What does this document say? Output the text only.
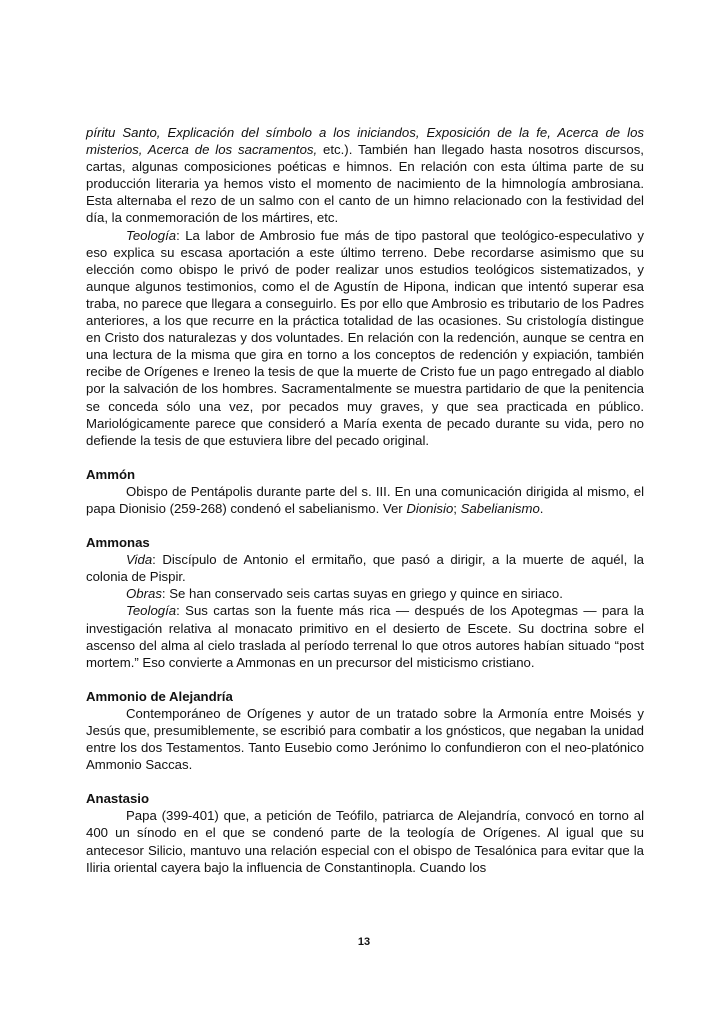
píritu Santo, Explicación del símbolo a los iniciandos, Exposición de la fe, Acerca de los misterios, Acerca de los sacramentos, etc.). También han llegado hasta nosotros discursos, cartas, algunas composiciones poéticas e himnos. En relación con esta última parte de su producción literaria ya hemos visto el momento de nacimiento de la himnología ambrosiana. Esta alternaba el rezo de un salmo con el canto de un himno relacionado con la festividad del día, la conmemoración de los mártires, etc.

Teología: La labor de Ambrosio fue más de tipo pastoral que teológico-especulativo y eso explica su escasa aportación a este último terreno. Debe recordarse asimismo que su elección como obispo le privó de poder realizar unos estudios teológicos sistematizados, y aunque algunos testimonios, como el de Agustín de Hipona, indican que intentó superar esa traba, no parece que llegara a conseguirlo. Es por ello que Ambrosio es tributario de los Padres anteriores, a los que recurre en la práctica totalidad de las ocasiones. Su cristología distingue en Cristo dos naturalezas y dos voluntades. En relación con la redención, aunque se centra en una lectura de la misma que gira en torno a los conceptos de redención y expiación, también recibe de Orígenes e Ireneo la tesis de que la muerte de Cristo fue un pago entregado al diablo por la salvación de los hombres. Sacramentalmente se muestra partidario de que la penitencia se conceda sólo una vez, por pecados muy graves, y que sea practicada en público. Mariológicamente parece que consideró a María exenta de pecado durante su vida, pero no defiende la tesis de que estuviera libre del pecado original.

Ammón

Obispo de Pentápolis durante parte del s. III. En una comunicación dirigida al mismo, el papa Dionisio (259-268) condenó el sabelianismo. Ver Dionisio; Sabelianismo.

Ammonas

Vida: Discípulo de Antonio el ermitaño, que pasó a dirigir, a la muerte de aquél, la colonia de Pispir.

Obras: Se han conservado seis cartas suyas en griego y quince en siriaco.

Teología: Sus cartas son la fuente más rica — después de los Apotegmas — para la investigación relativa al monacato primitivo en el desierto de Escete. Su doctrina sobre el ascenso del alma al cielo traslada al período terrenal lo que otros autores habían situado “post mortem.” Eso convierte a Ammonas en un precursor del misticismo cristiano.

Ammonio de Alejandría

Contemporáneo de Orígenes y autor de un tratado sobre la Armonía entre Moisés y Jesús que, presumiblemente, se escribió para combatir a los gnósticos, que negaban la unidad entre los dos Testamentos. Tanto Eusebio como Jerónimo lo confundieron con el neo-platónico Ammonio Saccas.

Anastasio

Papa (399-401) que, a petición de Teófilo, patriarca de Alejandría, convocó en torno al 400 un sínodo en el que se condenó parte de la teología de Orígenes. Al igual que su antecesor Silicio, mantuvo una relación especial con el obispo de Tesalónica para evitar que la Iliria oriental cayera bajo la influencia de Constantinopla. Cuando los

13
